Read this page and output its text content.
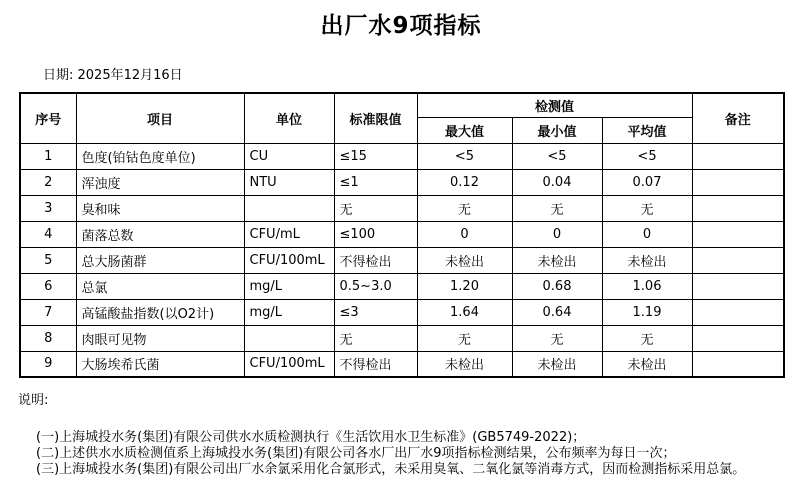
出厂水9项指标
日期: 2025年12月16日
序号	项目	单位	标准限值	检测值			备注
				最大值	最小值	平均值	
1	色度(铂钴色度单位)	CU	≤15	<5	<5	<5	
2	浑浊度	NTU	≤1	0.12	0.04	0.07	
3	臭和味		无	无	无	无	
4	菌落总数	CFU/mL	≤100	0	0	0	
5	总大肠菌群	CFU/100mL	不得检出	未检出	未检出	未检出	
6	总氯	mg/L	0.5~3.0	1.20	0.68	1.06	
7	高锰酸盐指数(以O2计)	mg/L	≤3	1.64	0.64	1.19	
8	肉眼可见物		无	无	无	无	
9	大肠埃希氏菌	CFU/100mL	不得检出	未检出	未检出	未检出	
说明:
(一)上海城投水务(集团)有限公司供水水质检测执行《生活饮用水卫生标准》(GB5749-2022)；
(二)上述供水水质检测值系上海城投水务(集团)有限公司各水厂出厂水9项指标检测结果，公布频率为每日一次；
(三)上海城投水务(集团)有限公司出厂水余氯采用化合氯形式，未采用臭氧、二氧化氯等消毒方式，因而检测指标采用总氯。
